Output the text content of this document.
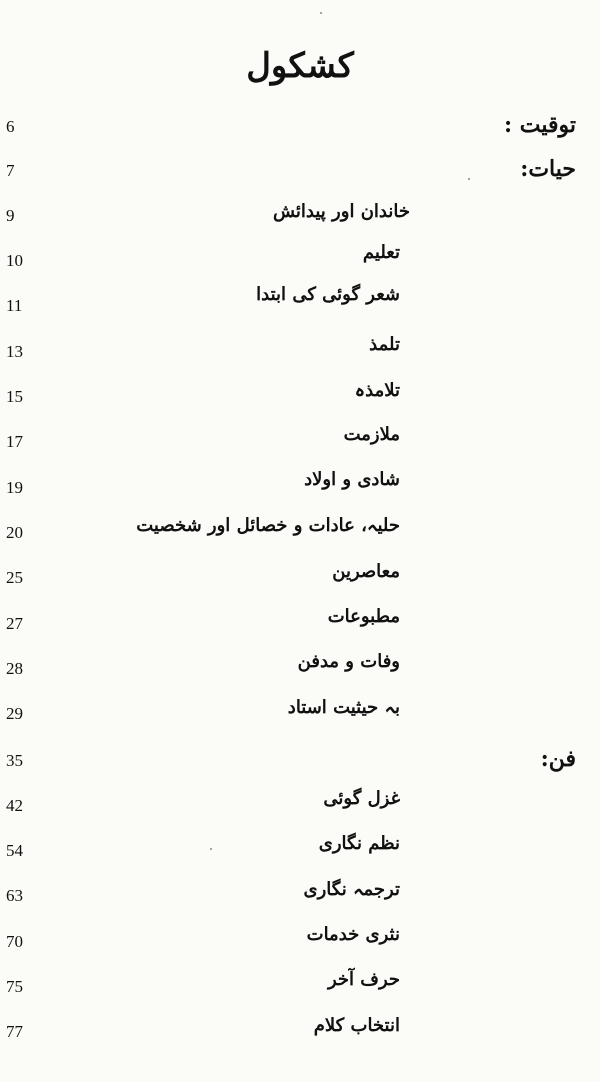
کشکول
توقیت :
6
حیات:
7
فن:
35
خاندان اور پیدائش
9
تعلیم
10
شعر گوئی کی ابتدا
11
تلمذ
13
تلامذہ
15
ملازمت
17
شادی و اولاد
19
حلیہ، عادات و خصائل اور شخصیت
20
معاصرین
25
مطبوعات
27
وفات و مدفن
28
بہ حیثیت استاد
29
غزل گوئی
42
نظم نگاری
54
ترجمہ نگاری
63
نثری خدمات
70
حرف آخر
75
انتخاب کلام
77
